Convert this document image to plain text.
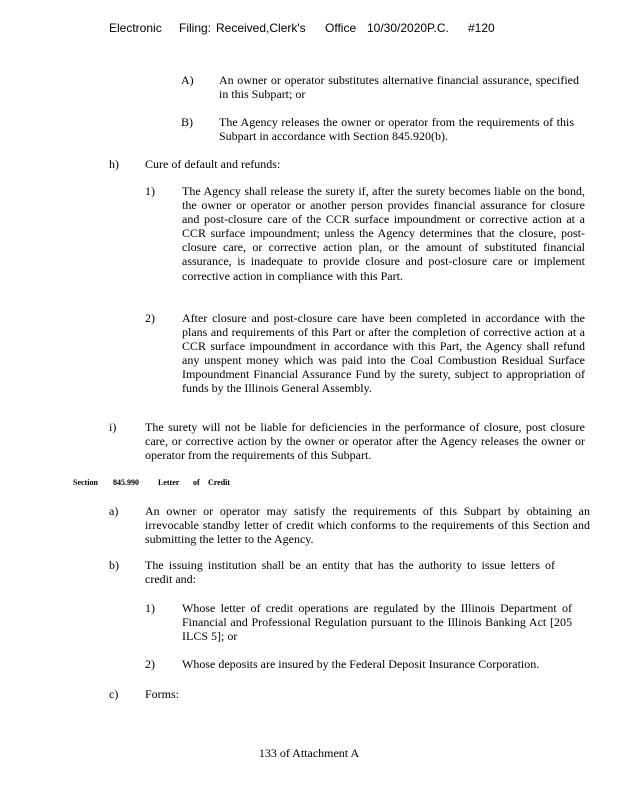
Electronic Filing: Received,Clerk's Office 10/30/2020P.C. #120
A) An owner or operator substitutes alternative financial assurance, specified in this Subpart; or
B) The Agency releases the owner or operator from the requirements of this Subpart in accordance with Section 845.920(b).
h) Cure of default and refunds:
1) The Agency shall release the surety if, after the surety becomes liable on the bond, the owner or operator or another person provides financial assurance for closure and post-closure care of the CCR surface impoundment or corrective action at a CCR surface impoundment; unless the Agency determines that the closure, post-closure care, or corrective action plan, or the amount of substituted financial assurance, is inadequate to provide closure and post-closure care or implement corrective action in compliance with this Part.
2) After closure and post-closure care have been completed in accordance with the plans and requirements of this Part or after the completion of corrective action at a CCR surface impoundment in accordance with this Part, the Agency shall refund any unspent money which was paid into the Coal Combustion Residual Surface Impoundment Financial Assurance Fund by the surety, subject to appropriation of funds by the Illinois General Assembly.
i) The surety will not be liable for deficiencies in the performance of closure, post closure care, or corrective action by the owner or operator after the Agency releases the owner or operator from the requirements of this Subpart.
Section 845.990 Letter of Credit
a) An owner or operator may satisfy the requirements of this Subpart by obtaining an irrevocable standby letter of credit which conforms to the requirements of this Section and submitting the letter to the Agency.
b) The issuing institution shall be an entity that has the authority to issue letters of credit and:
1) Whose letter of credit operations are regulated by the Illinois Department of Financial and Professional Regulation pursuant to the Illinois Banking Act [205 ILCS 5]; or
2) Whose deposits are insured by the Federal Deposit Insurance Corporation.
c) Forms:
133 of Attachment A
